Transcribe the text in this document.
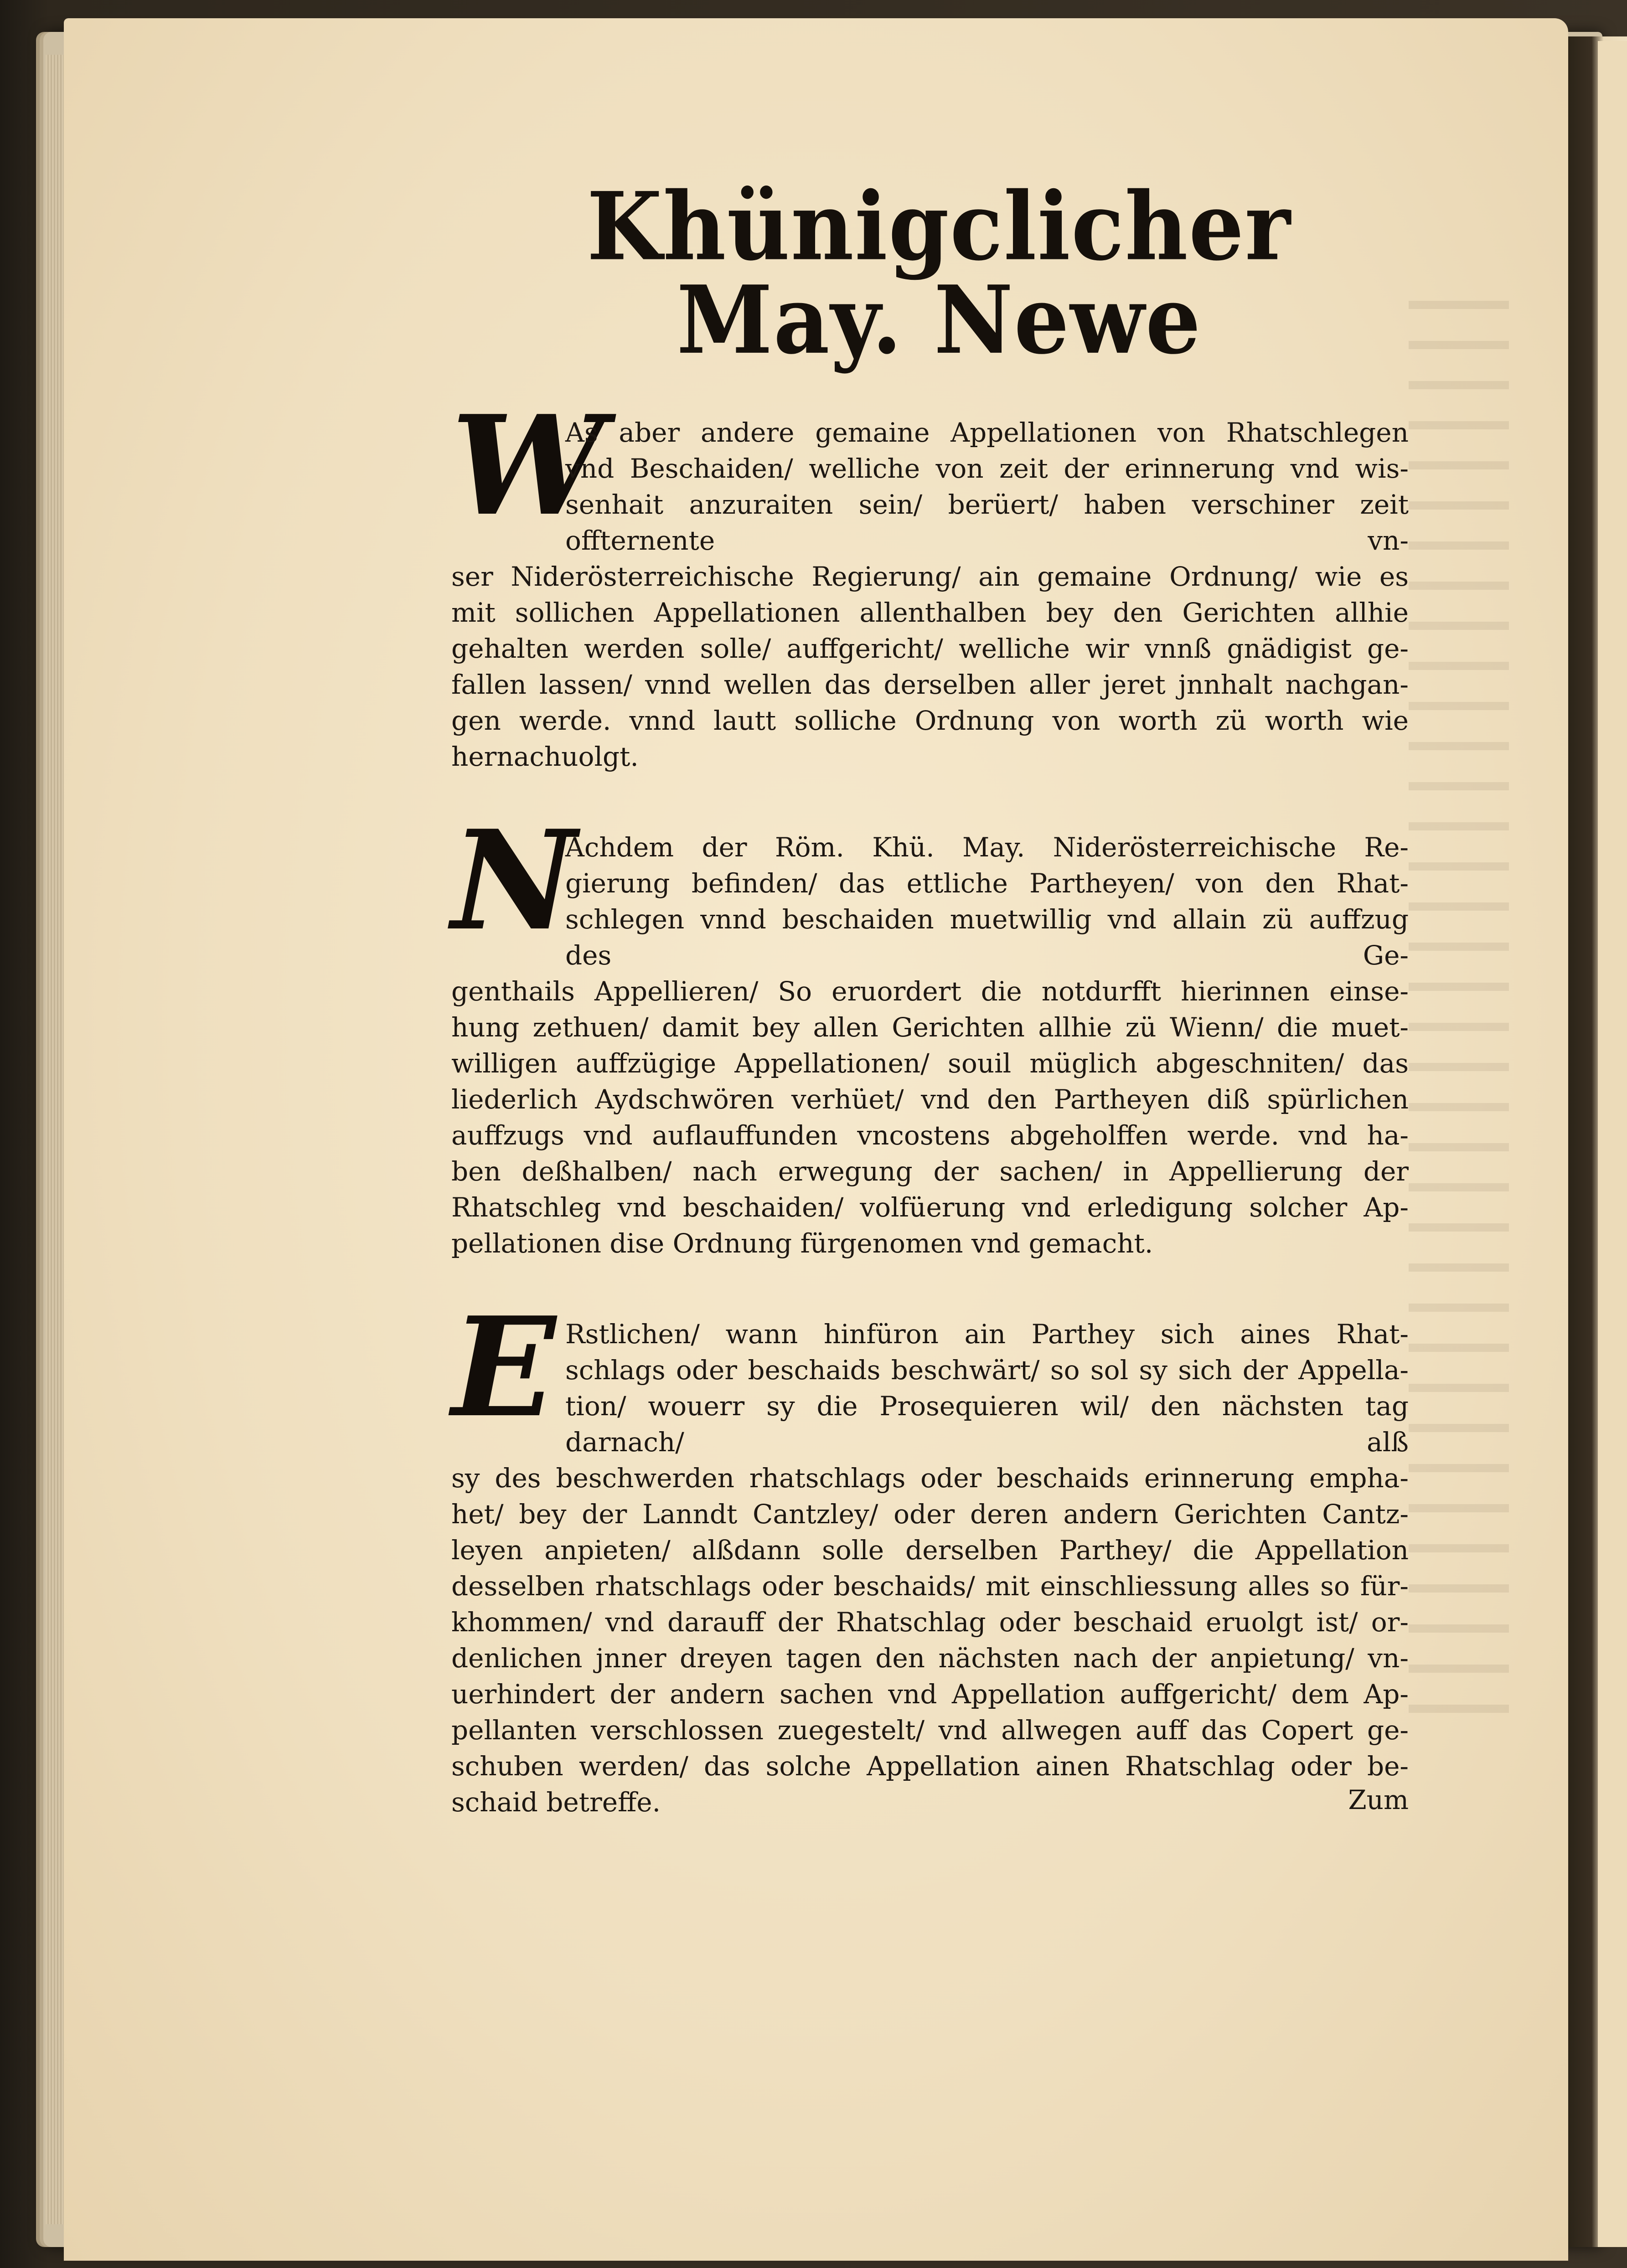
Khünigclicher May. Newe
W

As aber andere gemaine Appellationen von Rhatschlegen

vnd Beschaiden/ welliche von zeit der erinnerung vnd wis-

senhait anzuraiten sein/ berüert/ haben verschiner zeit offternente vn-

ser Niderösterreichische Regierung/ ain gemaine Ordnung/ wie es

mit sollichen Appellationen allenthalben bey den Gerichten allhie

gehalten werden solle/ auffgericht/ welliche wir vnnß gnädigist ge-

fallen lassen/ vnnd wellen das derselben aller jeret jnnhalt nachgan-

gen werde. vnnd lautt solliche Ordnung von worth zü worth wie

hernachuolgt.

N

Achdem der Röm. Khü. May. Niderösterreichische Re-

gierung befinden/ das ettliche Partheyen/ von den Rhat-

schlegen vnnd beschaiden muetwillig vnd allain zü auffzug des Ge-

genthails Appellieren/ So eruordert die notdurfft hierinnen einse-

hung zethuen/ damit bey allen Gerichten allhie zü Wienn/ die muet-

willigen auffzügige Appellationen/ souil müglich abgeschniten/ das

liederlich Aydschwören verhüet/ vnd den Partheyen diß spürlichen

auffzugs vnd auflauffunden vncostens abgeholffen werde. vnd ha-

ben deßhalben/ nach erwegung der sachen/ in Appellierung der

Rhatschleg vnd beschaiden/ volfüerung vnd erledigung solcher Ap-

pellationen dise Ordnung fürgenomen vnd gemacht.

E Rstlichen/ wann hinfüron ain Parthey sich aines Rhat-

schlags oder beschaids beschwärt/ so sol sy sich der Appella-

tion/ wouerr sy die Prosequieren wil/ den nächsten tag darnach/ alß

sy des beschwerden rhatschlags oder beschaids erinnerung empha-

het/ bey der Lanndt Cantzley/ oder deren andern Gerichten Cantz-

leyen anpieten/ alßdann solle derselben Parthey/ die Appellation

desselben rhatschlags oder beschaids/ mit einschliessung alles so für-

khommen/ vnd darauff der Rhatschlag oder beschaid eruolgt ist/ or-

denlichen jnner dreyen tagen den nächsten nach der anpietung/ vn-

uerhindert der andern sachen vnd Appellation auffgericht/ dem Ap-

pellanten verschlossen zuegestelt/ vnd allwegen auff das Copert ge-

schuben werden/ das solche Appellation ainen Rhatschlag oder be-

schaid betreffe.	Zum
